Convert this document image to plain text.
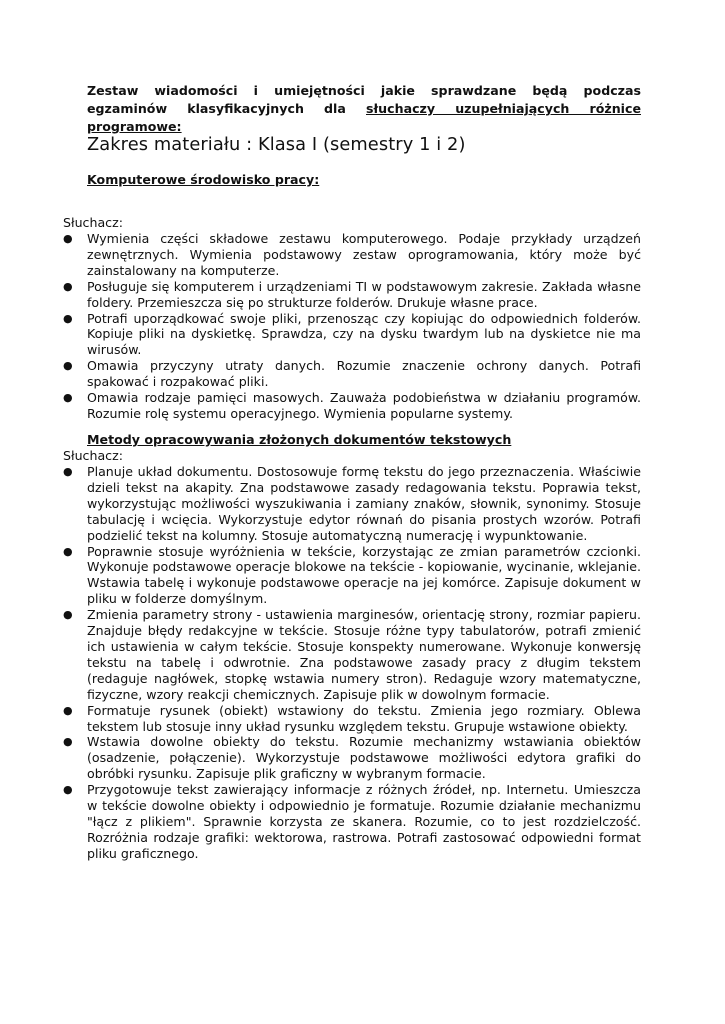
Zestaw wiadomości i umiejętności jakie sprawdzane będą podczas egzaminów klasyfikacyjnych dla słuchaczy uzupełniających różnice programowe:
Zakres materiału : Klasa I (semestry 1 i 2)
Komputerowe środowisko pracy:
Słuchacz:
● Wymienia części składowe zestawu komputerowego. Podaje przykłady urządzeń zewnętrznych. Wymienia podstawowy zestaw oprogramowania, który może być zainstalowany na komputerze.
● Posługuje się komputerem i urządzeniami TI w podstawowym zakresie. Zakłada własne foldery. Przemieszcza się po strukturze folderów. Drukuje własne prace.
● Potrafi uporządkować swoje pliki, przenosząc czy kopiując do odpowiednich folderów. Kopiuje pliki na dyskietkę. Sprawdza, czy na dysku twardym lub na dyskietce nie ma wirusów.
● Omawia przyczyny utraty danych. Rozumie znaczenie ochrony danych. Potrafi spakować i rozpakować pliki.
● Omawia rodzaje pamięci masowych. Zauważa podobieństwa w działaniu programów. Rozumie rolę systemu operacyjnego. Wymienia popularne systemy.
Metody opracowywania złożonych dokumentów tekstowych
Słuchacz:
● Planuje układ dokumentu. Dostosowuje formę tekstu do jego przeznaczenia. Właściwie dzieli tekst na akapity. Zna podstawowe zasady redagowania tekstu. Poprawia tekst, wykorzystując możliwości wyszukiwania i zamiany znaków, słownik, synonimy. Stosuje tabulację i wcięcia. Wykorzystuje edytor równań do pisania prostych wzorów. Potrafi podzielić tekst na kolumny. Stosuje automatyczną numerację i wypunktowanie.
● Poprawnie stosuje wyróżnienia w tekście, korzystając ze zmian parametrów czcionki. Wykonuje podstawowe operacje blokowe na tekście - kopiowanie, wycinanie, wklejanie. Wstawia tabelę i wykonuje podstawowe operacje na jej komórce. Zapisuje dokument w pliku w folderze domyślnym.
● Zmienia parametry strony - ustawienia marginesów, orientację strony, rozmiar papieru. Znajduje błędy redakcyjne w tekście. Stosuje różne typy tabulatorów, potrafi zmienić ich ustawienia w całym tekście. Stosuje konspekty numerowane. Wykonuje konwersję tekstu na tabelę i odwrotnie. Zna podstawowe zasady pracy z długim tekstem (redaguje nagłówek, stopkę wstawia numery stron). Redaguje wzory matematyczne, fizyczne, wzory reakcji chemicznych. Zapisuje plik w dowolnym formacie.
● Formatuje rysunek (obiekt) wstawiony do tekstu. Zmienia jego rozmiary. Oblewa tekstem lub stosuje inny układ rysunku względem tekstu. Grupuje wstawione obiekty.
● Wstawia dowolne obiekty do tekstu. Rozumie mechanizmy wstawiania obiektów (osadzenie, połączenie). Wykorzystuje podstawowe możliwości edytora grafiki do obróbki rysunku. Zapisuje plik graficzny w wybranym formacie.
● Przygotowuje tekst zawierający informacje z różnych źródeł, np. Internetu. Umieszcza w tekście dowolne obiekty i odpowiednio je formatuje. Rozumie działanie mechanizmu "łącz z plikiem". Sprawnie korzysta ze skanera. Rozumie, co to jest rozdzielczość. Rozróżnia rodzaje grafiki: wektorowa, rastrowa. Potrafi zastosować odpowiedni format pliku graficznego.
